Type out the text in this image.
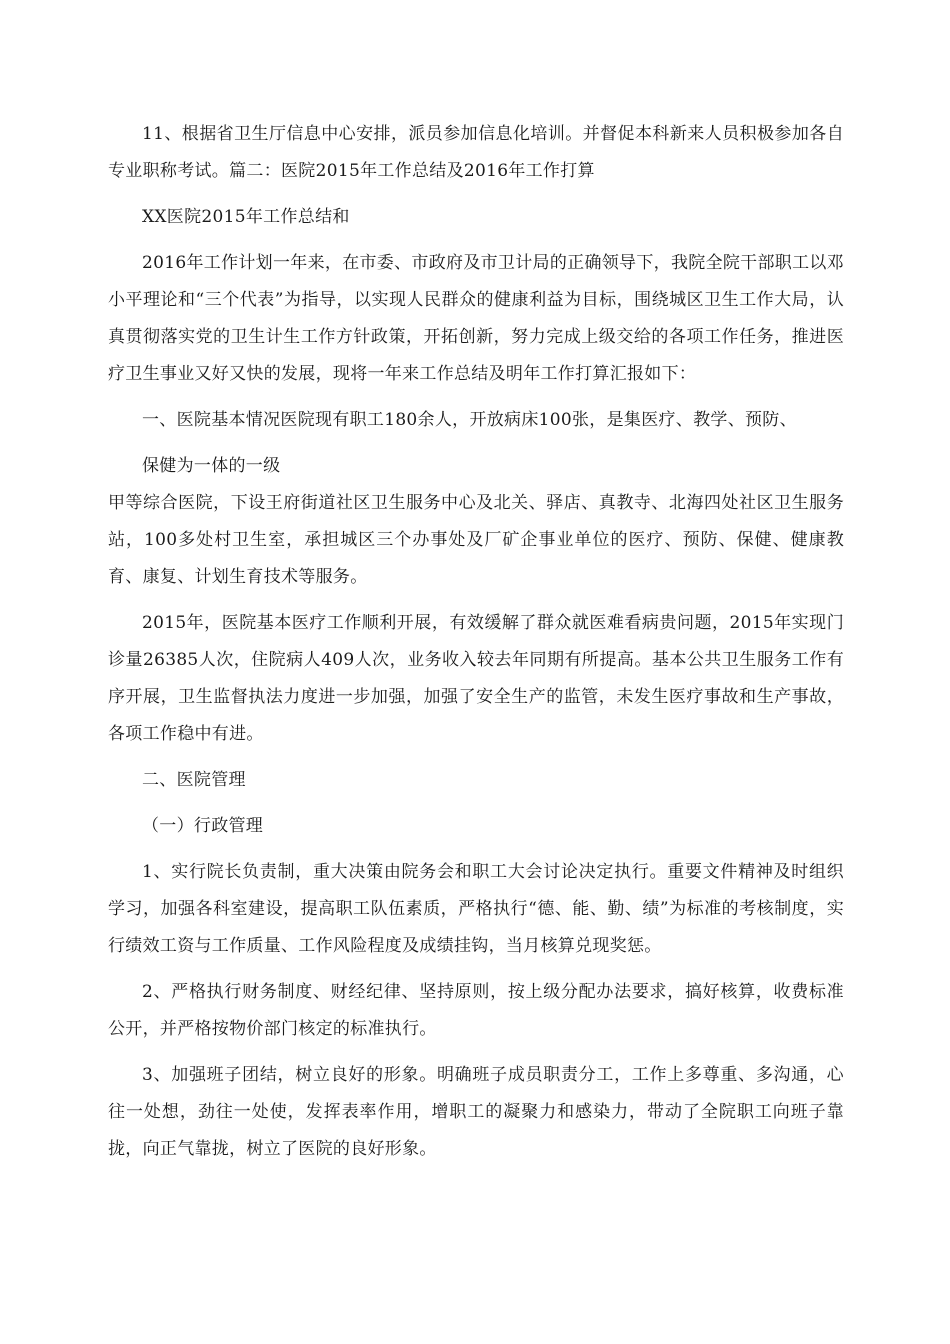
11、根据省卫生厅信息中心安排，派员参加信息化培训。并督促本科新来人员积极参加各自专业职称考试。篇二：医院2015年工作总结及2016年工作打算

XX医院2015年工作总结和

2016年工作计划一年来，在市委、市政府及市卫计局的正确领导下，我院全院干部职工以邓小平理论和“三个代表”为指导，以实现人民群众的健康利益为目标，围绕城区卫生工作大局，认真贯彻落实党的卫生计生工作方针政策，开拓创新，努力完成上级交给的各项工作任务，推进医疗卫生事业又好又快的发展，现将一年来工作总结及明年工作打算汇报如下：

一、医院基本情况医院现有职工180余人，开放病床100张，是集医疗、教学、预防、

保健为一体的一级

甲等综合医院，下设王府街道社区卫生服务中心及北关、驿店、真教寺、北海四处社区卫生服务站，100多处村卫生室，承担城区三个办事处及厂矿企事业单位的医疗、预防、保健、健康教育、康复、计划生育技术等服务。

2015年，医院基本医疗工作顺利开展，有效缓解了群众就医难看病贵问题，2015年实现门诊量26385人次，住院病人409人次，业务收入较去年同期有所提高。基本公共卫生服务工作有序开展，卫生监督执法力度进一步加强，加强了安全生产的监管，未发生医疗事故和生产事故，各项工作稳中有进。

二、医院管理

（一）行政管理

1、实行院长负责制，重大决策由院务会和职工大会讨论决定执行。重要文件精神及时组织学习，加强各科室建设，提高职工队伍素质，严格执行“德、能、勤、绩”为标准的考核制度，实行绩效工资与工作质量、工作风险程度及成绩挂钩，当月核算兑现奖惩。

2、严格执行财务制度、财经纪律、坚持原则，按上级分配办法要求，搞好核算，收费标准公开，并严格按物价部门核定的标准执行。

3、加强班子团结，树立良好的形象。明确班子成员职责分工，工作上多尊重、多沟通，心往一处想，劲往一处使，发挥表率作用，增职工的凝聚力和感染力，带动了全院职工向班子靠拢，向正气靠拢，树立了医院的良好形象。
